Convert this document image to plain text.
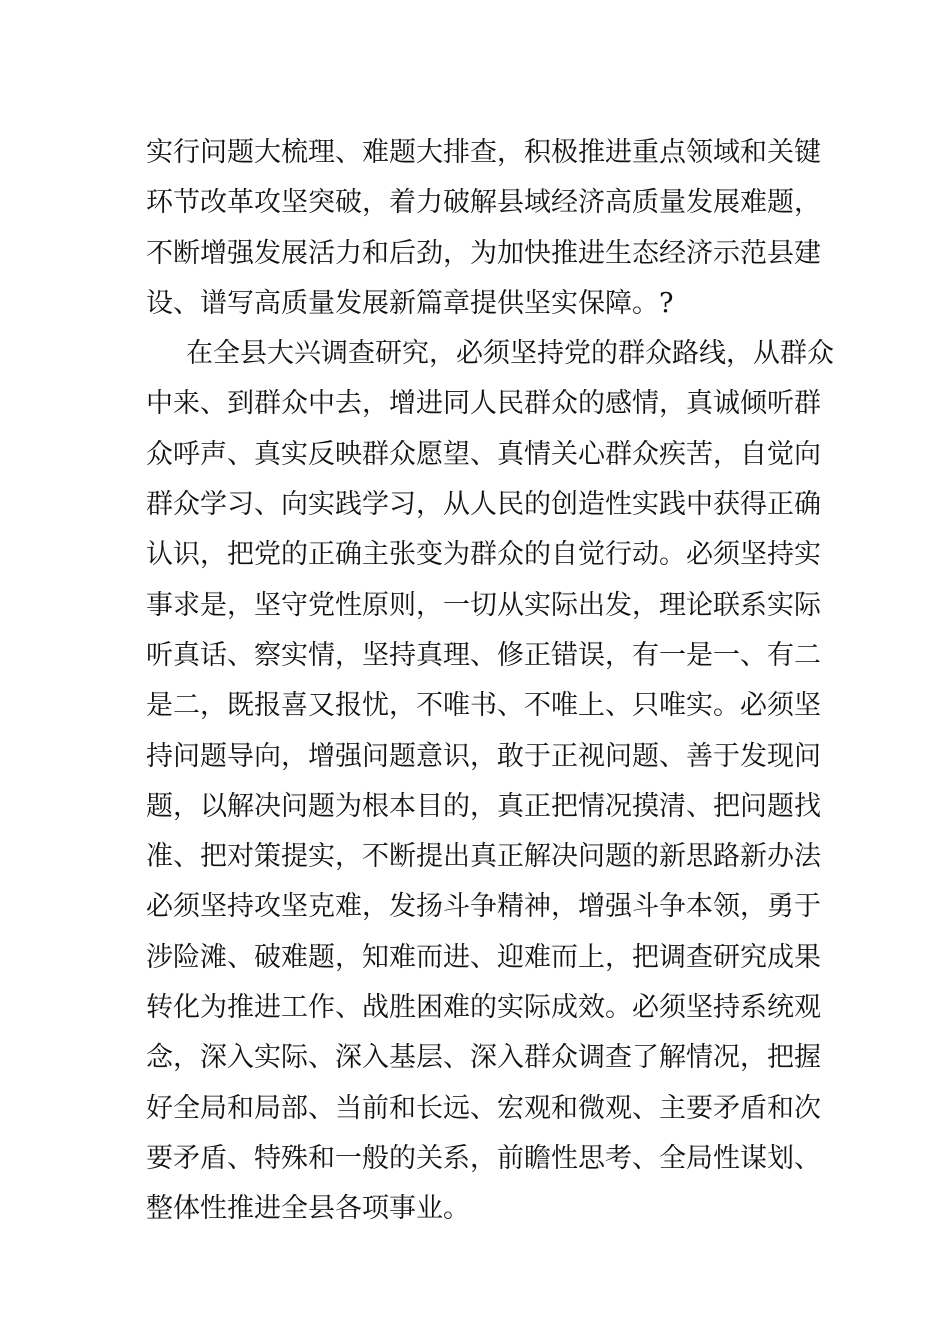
实行问题大梳理、难题大排查，积极推进重点领域和关键
环节改革攻坚突破，着力破解县域经济高质量发展难题，
不断增强发展活力和后劲，为加快推进生态经济示范县建
设、谱写高质量发展新篇章提供坚实保障。?
在全县大兴调查研究，必须坚持党的群众路线，从群众
中来、到群众中去，增进同人民群众的感情，真诚倾听群
众呼声、真实反映群众愿望、真情关心群众疾苦，自觉向
群众学习、向实践学习，从人民的创造性实践中获得正确
认识，把党的正确主张变为群众的自觉行动。必须坚持实
事求是，坚守党性原则，一切从实际出发，理论联系实际
听真话、察实情，坚持真理、修正错误，有一是一、有二
是二，既报喜又报忧，不唯书、不唯上、只唯实。必须坚
持问题导向，增强问题意识，敢于正视问题、善于发现问
题，以解决问题为根本目的，真正把情况摸清、把问题找
准、把对策提实，不断提出真正解决问题的新思路新办法
必须坚持攻坚克难，发扬斗争精神，增强斗争本领，勇于
涉险滩、破难题，知难而进、迎难而上，把调查研究成果
转化为推进工作、战胜困难的实际成效。必须坚持系统观
念，深入实际、深入基层、深入群众调查了解情况，把握
好全局和局部、当前和长远、宏观和微观、主要矛盾和次
要矛盾、特殊和一般的关系，前瞻性思考、全局性谋划、
整体性推进全县各项事业。
